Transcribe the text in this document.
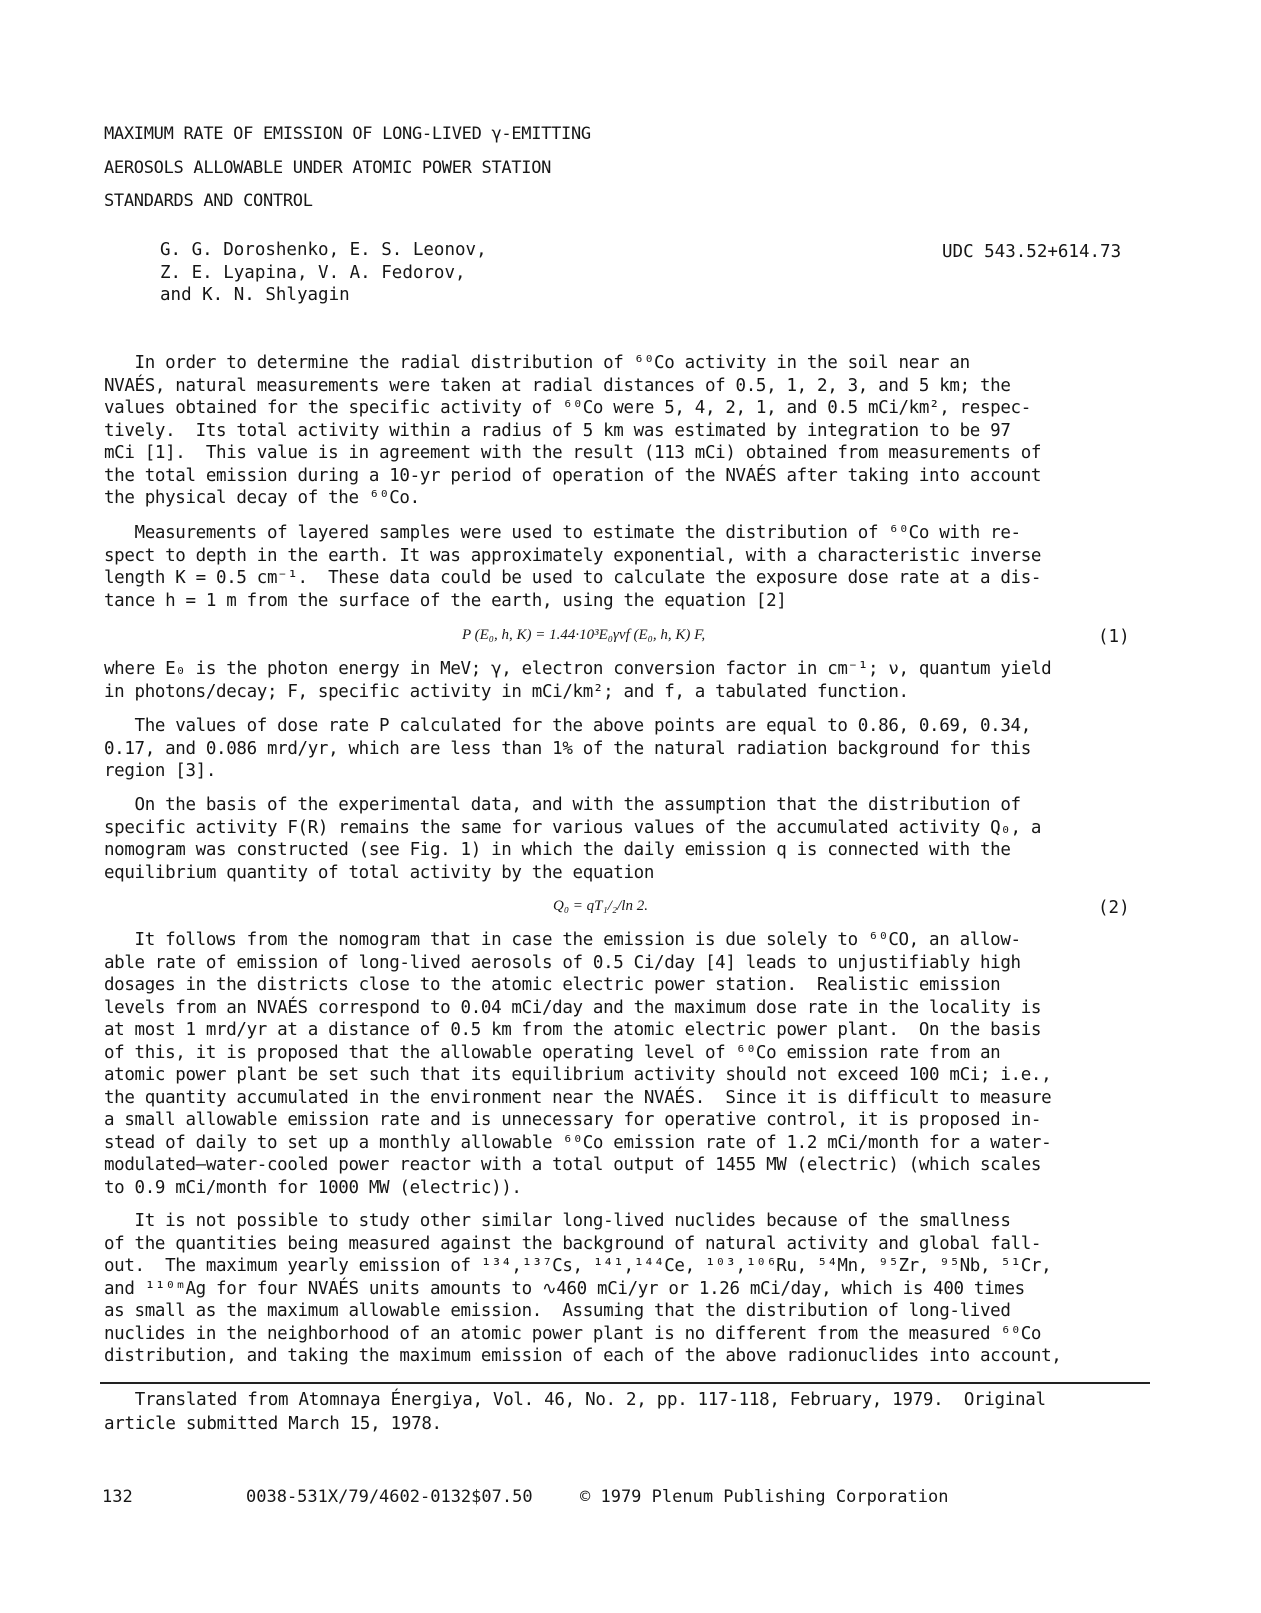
MAXIMUM RATE OF EMISSION OF LONG-LIVED γ-EMITTING
AEROSOLS ALLOWABLE UNDER ATOMIC POWER STATION
STANDARDS AND CONTROL
G. G. Doroshenko, E. S. Leonov,
Z. E. Lyapina, V. A. Fedorov,
and K. N. Shlyagin
UDC 543.52+614.73
In order to determine the radial distribution of ⁶⁰Co activity in the soil near an
NVAÉS, natural measurements were taken at radial distances of 0.5, 1, 2, 3, and 5 km; the
values obtained for the specific activity of ⁶⁰Co were 5, 4, 2, 1, and 0.5 mCi/km², respec-
tively.  Its total activity within a radius of 5 km was estimated by integration to be 97
mCi [1].  This value is in agreement with the result (113 mCi) obtained from measurements of
the total emission during a 10-yr period of operation of the NVAÉS after taking into account
the physical decay of the ⁶⁰Co.
Measurements of layered samples were used to estimate the distribution of ⁶⁰Co with re-
spect to depth in the earth. It was approximately exponential, with a characteristic inverse
length K = 0.5 cm⁻¹.  These data could be used to calculate the exposure dose rate at a dis-
tance h = 1 m from the surface of the earth, using the equation [2]
P (E₀, h, K) = 1.44·10³E₀γνf (E₀, h, K) F,	(1)
where E₀ is the photon energy in MeV; γ, electron conversion factor in cm⁻¹; ν, quantum yield
in photons/decay; F, specific activity in mCi/km²; and f, a tabulated function.
The values of dose rate P calculated for the above points are equal to 0.86, 0.69, 0.34,
0.17, and 0.086 mrd/yr, which are less than 1% of the natural radiation background for this
region [3].
On the basis of the experimental data, and with the assumption that the distribution of
specific activity F(R) remains the same for various values of the accumulated activity Q₀, a
nomogram was constructed (see Fig. 1) in which the daily emission q is connected with the
equilibrium quantity of total activity by the equation
Q₀ = qT₁/₂/ln 2.	(2)
It follows from the nomogram that in case the emission is due solely to ⁶⁰CO, an allow-
able rate of emission of long-lived aerosols of 0.5 Ci/day [4] leads to unjustifiably high
dosages in the districts close to the atomic electric power station.  Realistic emission
levels from an NVAÉS correspond to 0.04 mCi/day and the maximum dose rate in the locality is
at most 1 mrd/yr at a distance of 0.5 km from the atomic electric power plant.  On the basis
of this, it is proposed that the allowable operating level of ⁶⁰Co emission rate from an
atomic power plant be set such that its equilibrium activity should not exceed 100 mCi; i.e.,
the quantity accumulated in the environment near the NVAÉS.  Since it is difficult to measure
a small allowable emission rate and is unnecessary for operative control, it is proposed in-
stead of daily to set up a monthly allowable ⁶⁰Co emission rate of 1.2 mCi/month for a water-
modulated—water-cooled power reactor with a total output of 1455 MW (electric) (which scales
to 0.9 mCi/month for 1000 MW (electric)).
It is not possible to study other similar long-lived nuclides because of the smallness
of the quantities being measured against the background of natural activity and global fall-
out.  The maximum yearly emission of ¹³⁴,¹³⁷Cs, ¹⁴¹,¹⁴⁴Ce, ¹⁰³,¹⁰⁶Ru, ⁵⁴Mn, ⁹⁵Zr, ⁹⁵Nb, ⁵¹Cr,
and ¹¹⁰ᵐAg for four NVAÉS units amounts to ∿460 mCi/yr or 1.26 mCi/day, which is 400 times
as small as the maximum allowable emission.  Assuming that the distribution of long-lived
nuclides in the neighborhood of an atomic power plant is no different from the measured ⁶⁰Co
distribution, and taking the maximum emission of each of the above radionuclides into account,
Translated from Atomnaya Énergiya, Vol. 46, No. 2, pp. 117-118, February, 1979.  Original
article submitted March 15, 1978.
132	0038-531X/79/4602-0132$07.50	© 1979 Plenum Publishing Corporation
